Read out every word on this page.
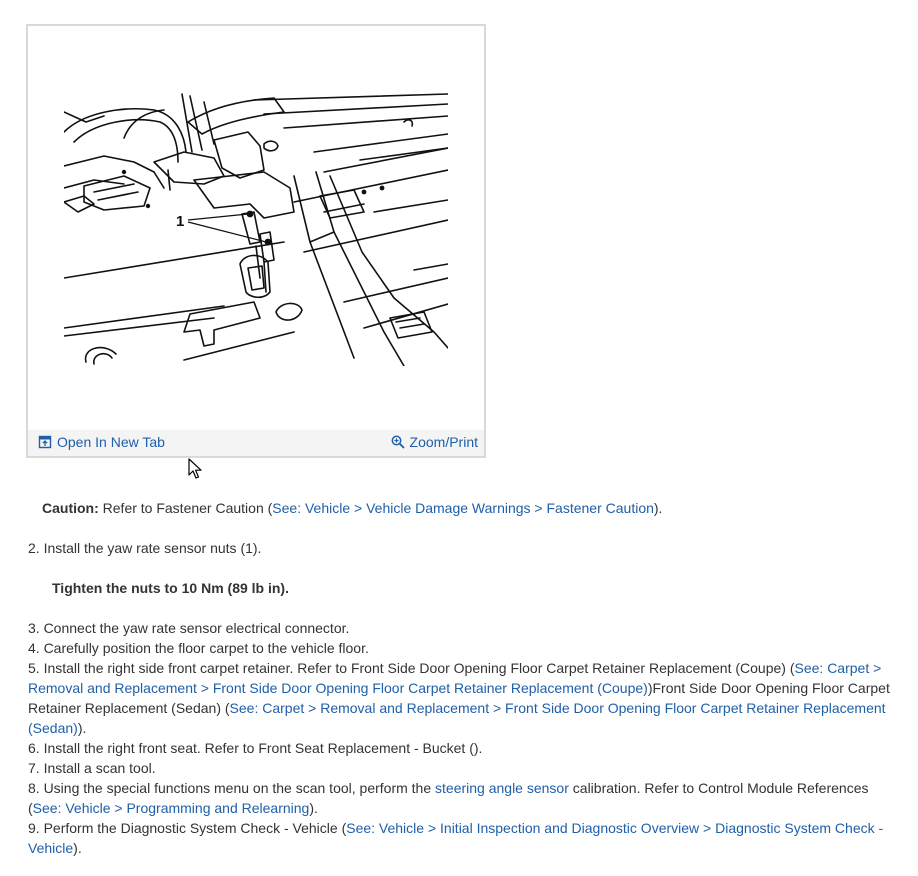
1
Open In New Tab	Zoom/Print

Caution: Refer to Fastener Caution (See: Vehicle > Vehicle Damage Warnings > Fastener Caution).

2. Install the yaw rate sensor nuts (1).

Tighten the nuts to 10 Nm (89 lb in).

3. Connect the yaw rate sensor electrical connector.

4. Carefully position the floor carpet to the vehicle floor.

5. Install the right side front carpet retainer. Refer to Front Side Door Opening Floor Carpet Retainer Replacement (Coupe) (See: Carpet > Removal and Replacement > Front Side Door Opening Floor Carpet Retainer Replacement (Coupe))Front Side Door Opening Floor Carpet Retainer Replacement (Sedan) (See: Carpet > Removal and Replacement > Front Side Door Opening Floor Carpet Retainer Replacement (Sedan)).

6. Install the right front seat. Refer to Front Seat Replacement - Bucket ().

7. Install a scan tool.

8. Using the special functions menu on the scan tool, perform the steering angle sensor calibration. Refer to Control Module References (See: Vehicle > Programming and Relearning).

9. Perform the Diagnostic System Check - Vehicle (See: Vehicle > Initial Inspection and Diagnostic Overview > Diagnostic System Check - Vehicle).
